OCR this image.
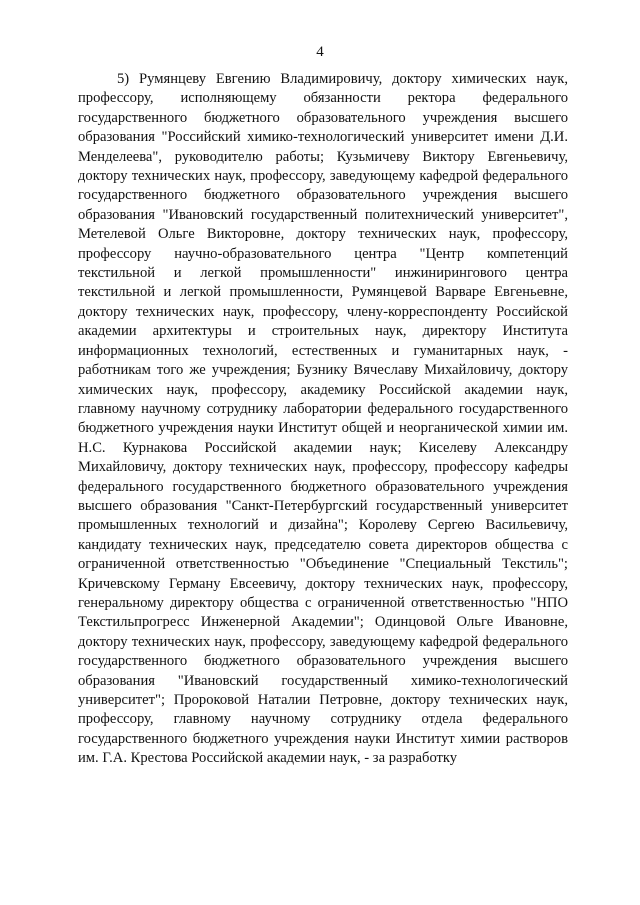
4

5) Румянцеву Евгению Владимировичу, доктору химических наук, профессору, исполняющему обязанности ректора федерального государственного бюджетного образовательного учреждения высшего образования "Российский химико-технологический университет имени Д.И. Менделеева", руководителю работы; Кузьмичеву Виктору Евгеньевичу, доктору технических наук, профессору, заведующему кафедрой федерального государственного бюджетного образовательного учреждения высшего образования "Ивановский государственный политехнический университет", Метелевой Ольге Викторовне, доктору технических наук, профессору, профессору научно-образовательного центра "Центр компетенций текстильной и легкой промышленности" инжинирингового центра текстильной и легкой промышленности, Румянцевой Варваре Евгеньевне, доктору технических наук, профессору, члену-корреспонденту Российской академии архитектуры и строительных наук, директору Института информационных технологий, естественных и гуманитарных наук, - работникам того же учреждения; Бузнику Вячеславу Михайловичу, доктору химических наук, профессору, академику Российской академии наук, главному научному сотруднику лаборатории федерального государственного бюджетного учреждения науки Институт общей и неорганической химии им. Н.С. Курнакова Российской академии наук; Киселеву Александру Михайловичу, доктору технических наук, профессору, профессору кафедры федерального государственного бюджетного образовательного учреждения высшего образования "Санкт-Петербургский государственный университет промышленных технологий и дизайна"; Королеву Сергею Васильевичу, кандидату технических наук, председателю совета директоров общества с ограниченной ответственностью "Объединение "Специальный Текстиль"; Кричевскому Герману Евсеевичу, доктору технических наук, профессору, генеральному директору общества с ограниченной ответственностью "НПО Текстильпрогресс Инженерной Академии"; Одинцовой Ольге Ивановне, доктору технических наук, профессору, заведующему кафедрой федерального государственного бюджетного образовательного учреждения высшего образования "Ивановский государственный химико-технологический университет"; Пророковой Наталии Петровне, доктору технических наук, профессору, главному научному сотруднику отдела федерального государственного бюджетного учреждения науки Институт химии растворов им. Г.А. Крестова Российской академии наук, - за разработку
